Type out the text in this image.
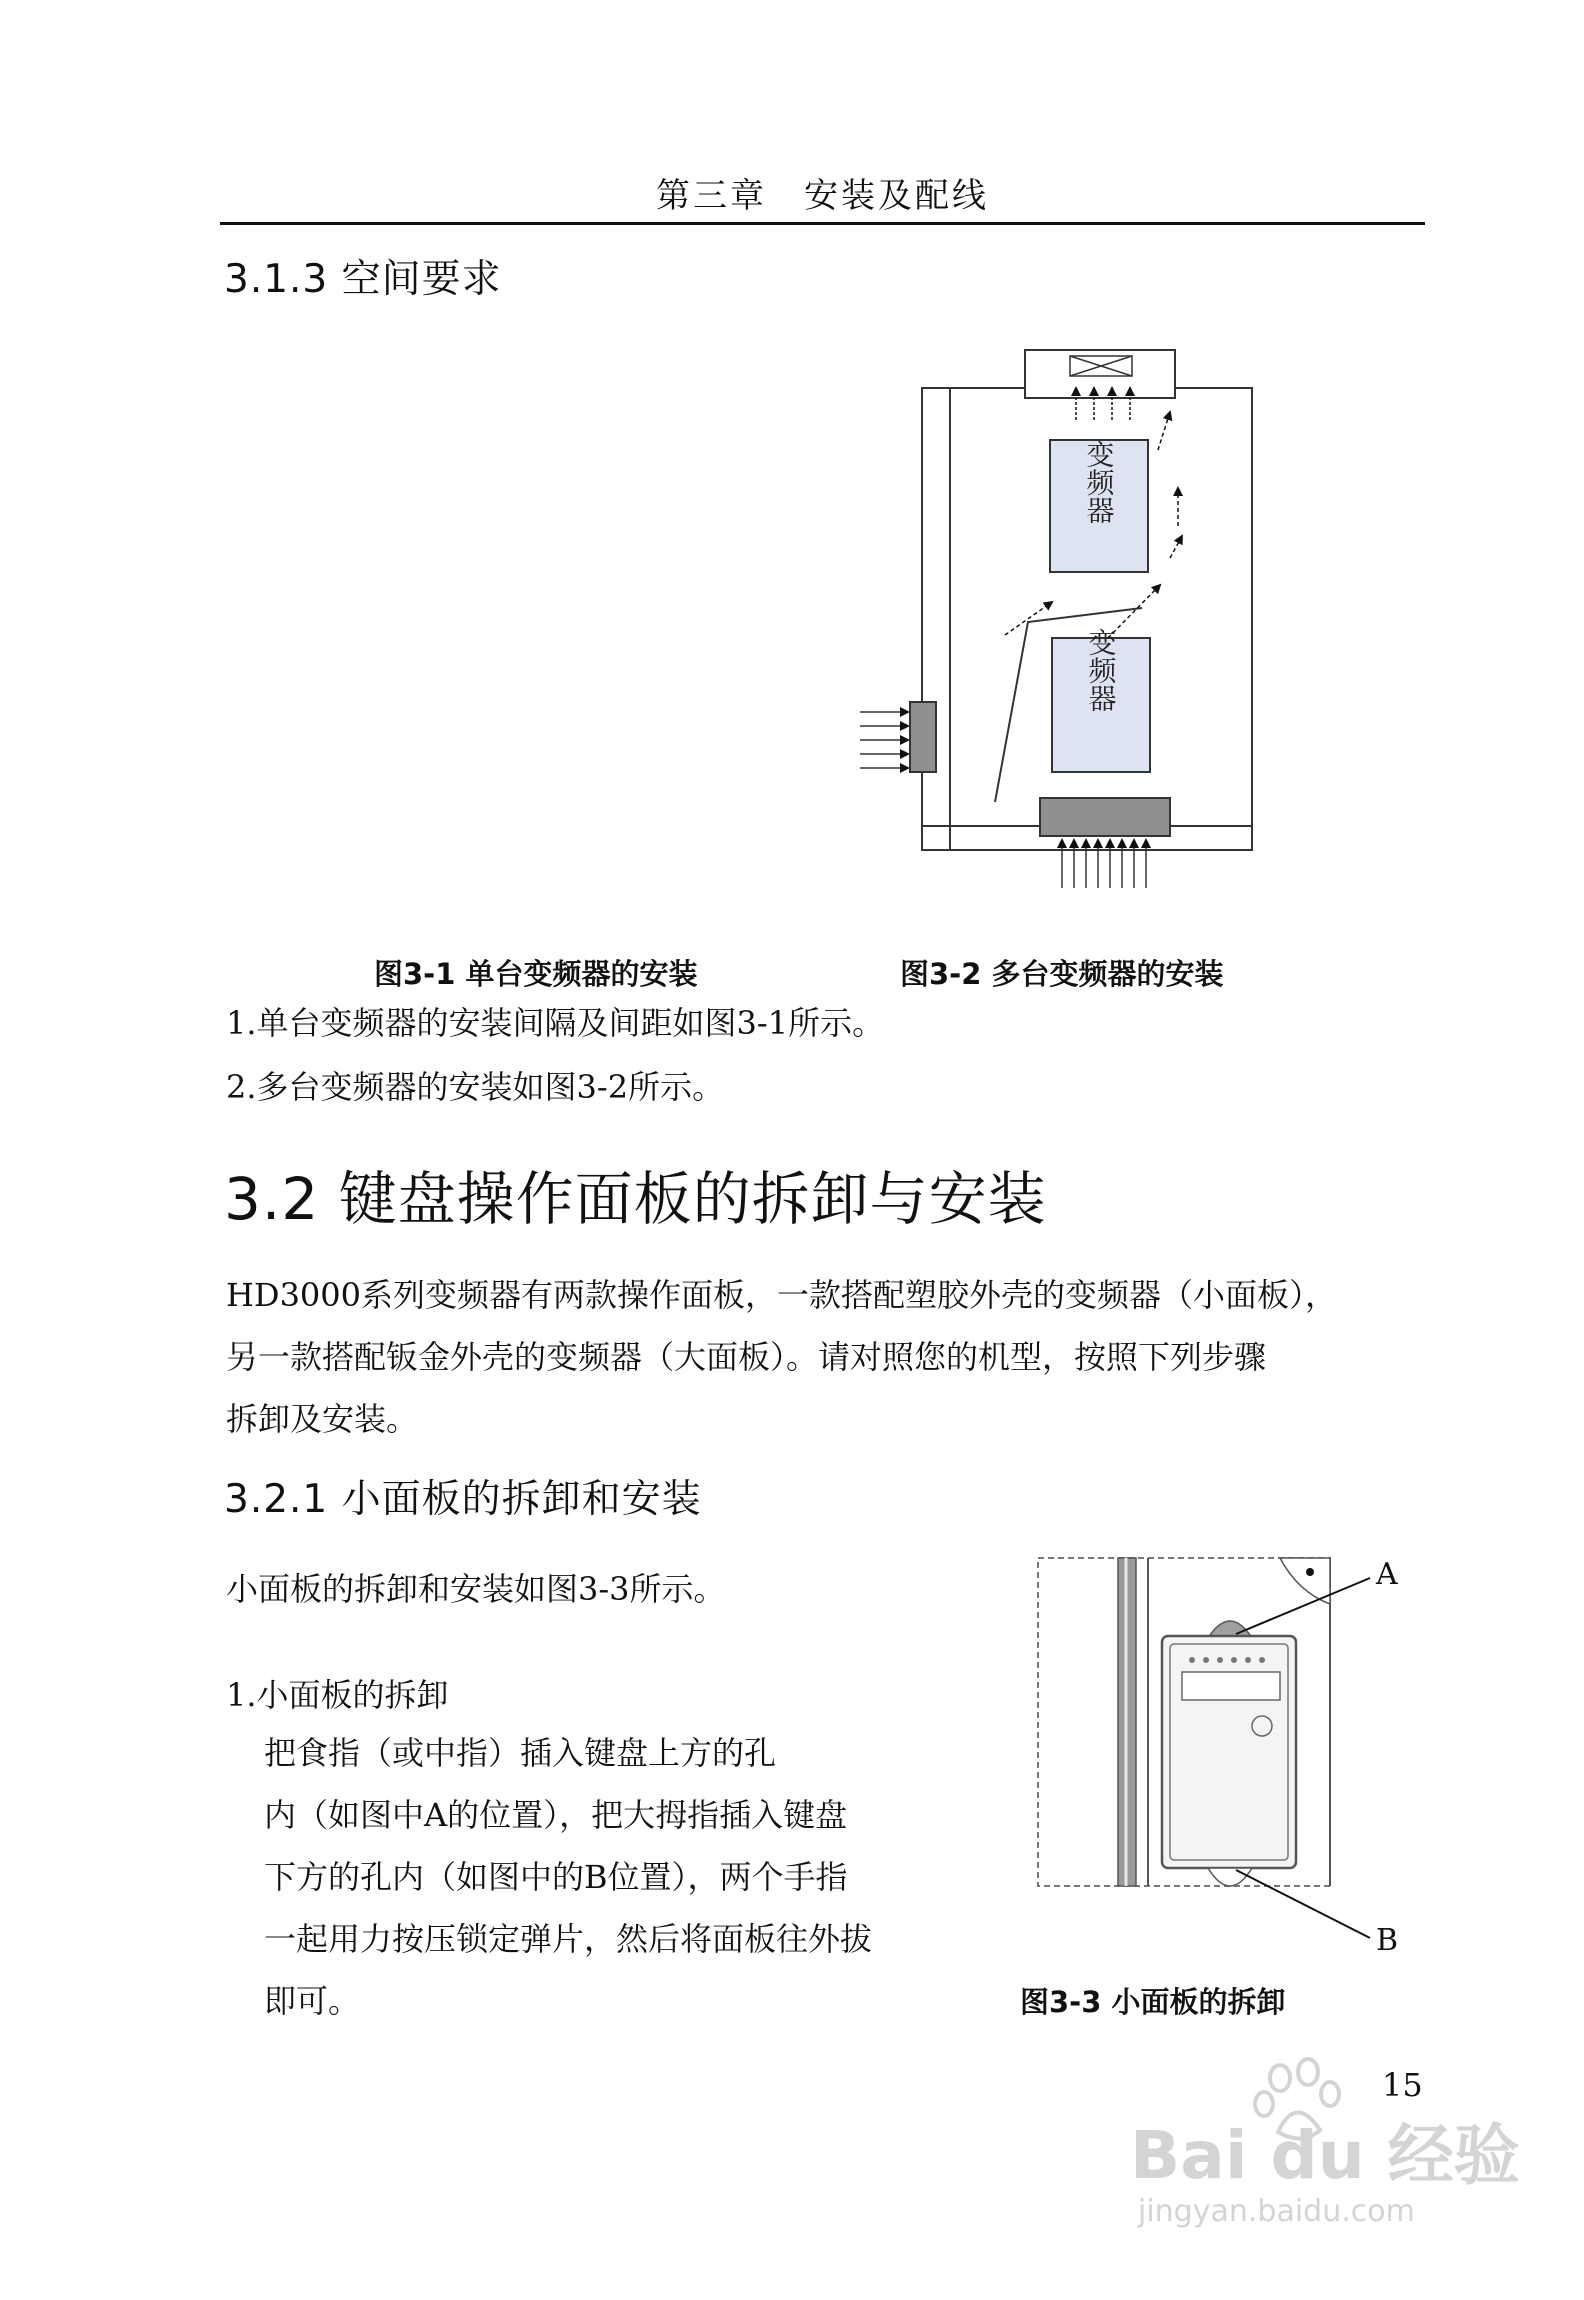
第三章　安装及配线
3.1.3 空间要求
变频器
变频器
图3-1 单台变频器的安装	图3-2 多台变频器的安装
1.单台变频器的安装间隔及间距如图3-1所示。
2.多台变频器的安装如图3-2所示。
3.2 键盘操作面板的拆卸与安装
HD3000系列变频器有两款操作面板，一款搭配塑胶外壳的变频器（小面板），
另一款搭配钣金外壳的变频器（大面板）。请对照您的机型，按照下列步骤
拆卸及安装。
3.2.1 小面板的拆卸和安装
小面板的拆卸和安装如图3-3所示。
1.小面板的拆卸
把食指（或中指）插入键盘上方的孔
内（如图中A的位置），把大拇指插入键盘
下方的孔内（如图中的B位置），两个手指
一起用力按压锁定弹片，然后将面板往外拔
即可。
A
B
图3-3 小面板的拆卸
15
Bai du 经验
jingyan.baidu.com
